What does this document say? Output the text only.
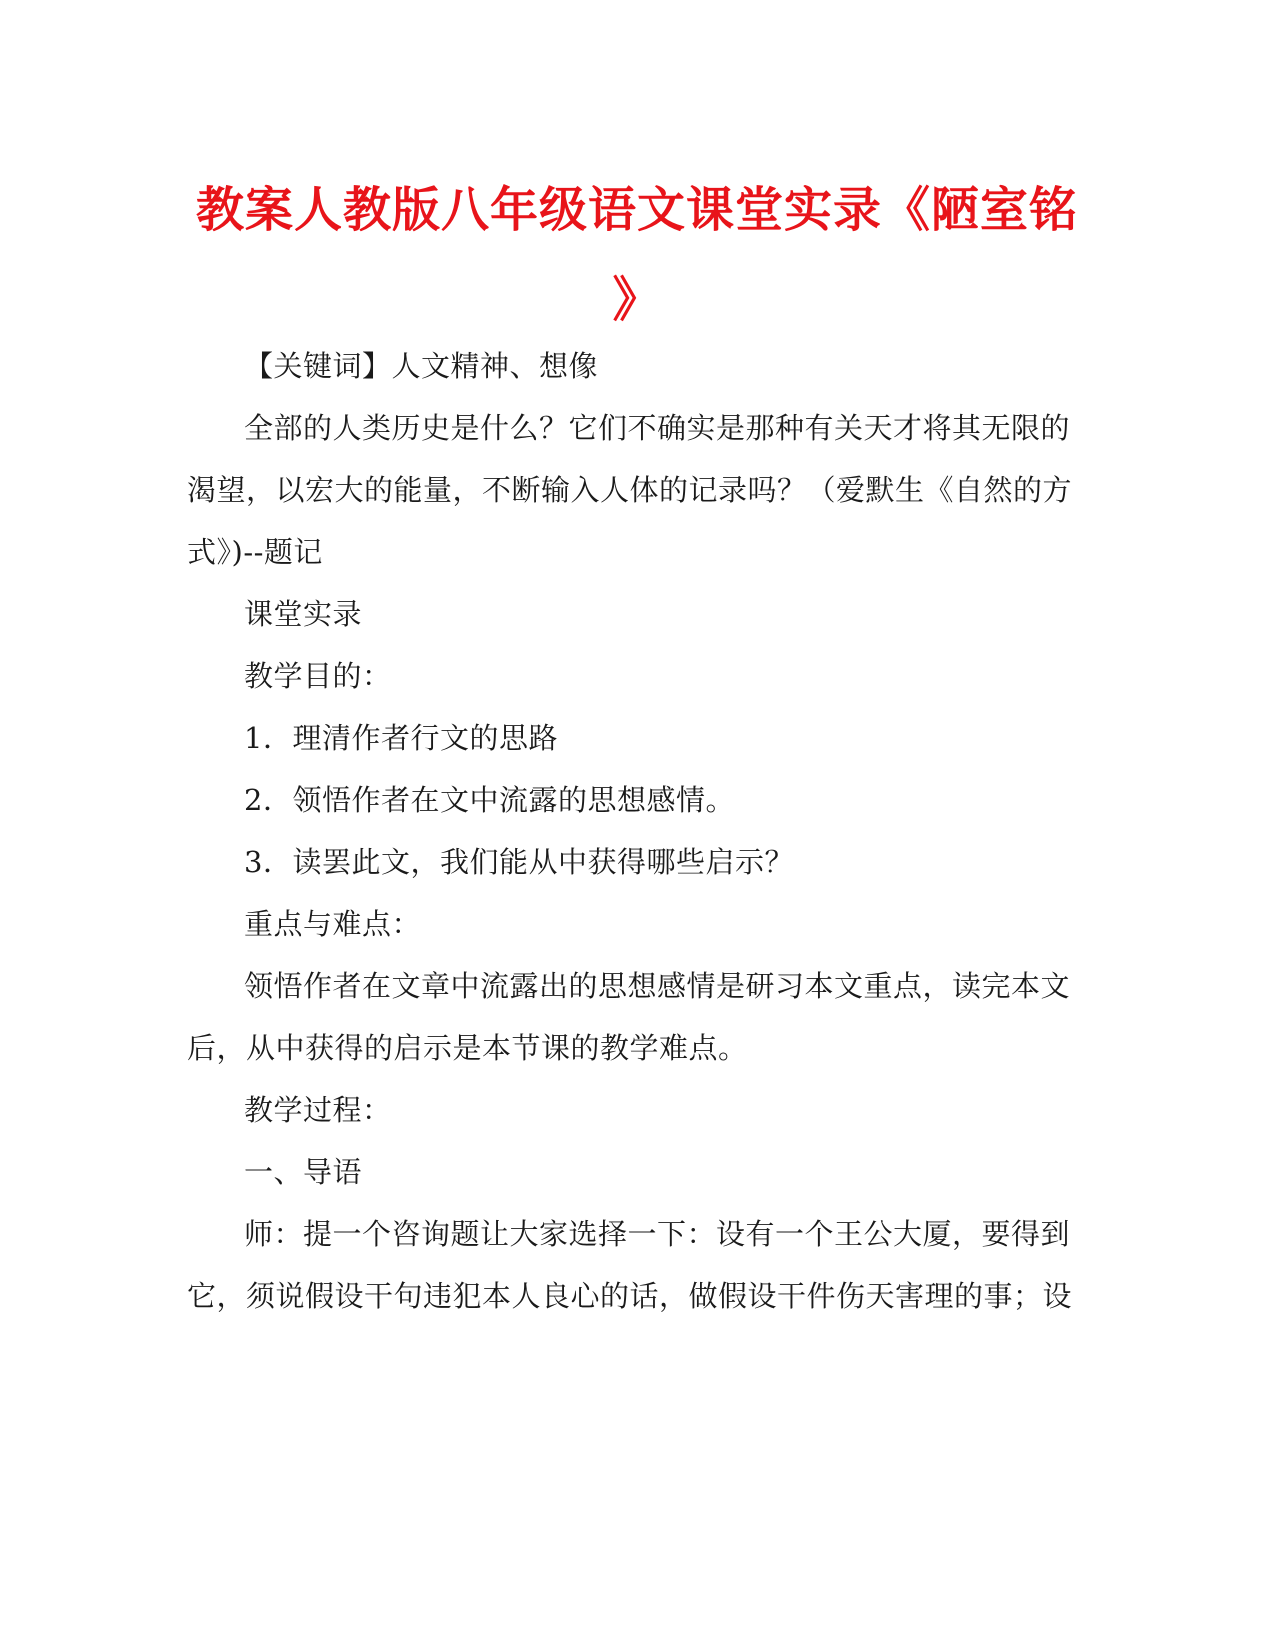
教案人教版八年级语文课堂实录《陋室铭
》
【关键词】人文精神、想像
全部的人类历史是什么？它们不确实是那种有关天才将其无限的
渴望，以宏大的能量，不断输入人体的记录吗？（爱默生《自然的方
式》)--题记
课堂实录
教学目的：
1．理清作者行文的思路
2．领悟作者在文中流露的思想感情。
3．读罢此文，我们能从中获得哪些启示？
重点与难点：
领悟作者在文章中流露出的思想感情是研习本文重点，读完本文
后，从中获得的启示是本节课的教学难点。
教学过程：
一、导语
师：提一个咨询题让大家选择一下：设有一个王公大厦，要得到
它，须说假设干句违犯本人良心的话，做假设干件伤天害理的事；设
